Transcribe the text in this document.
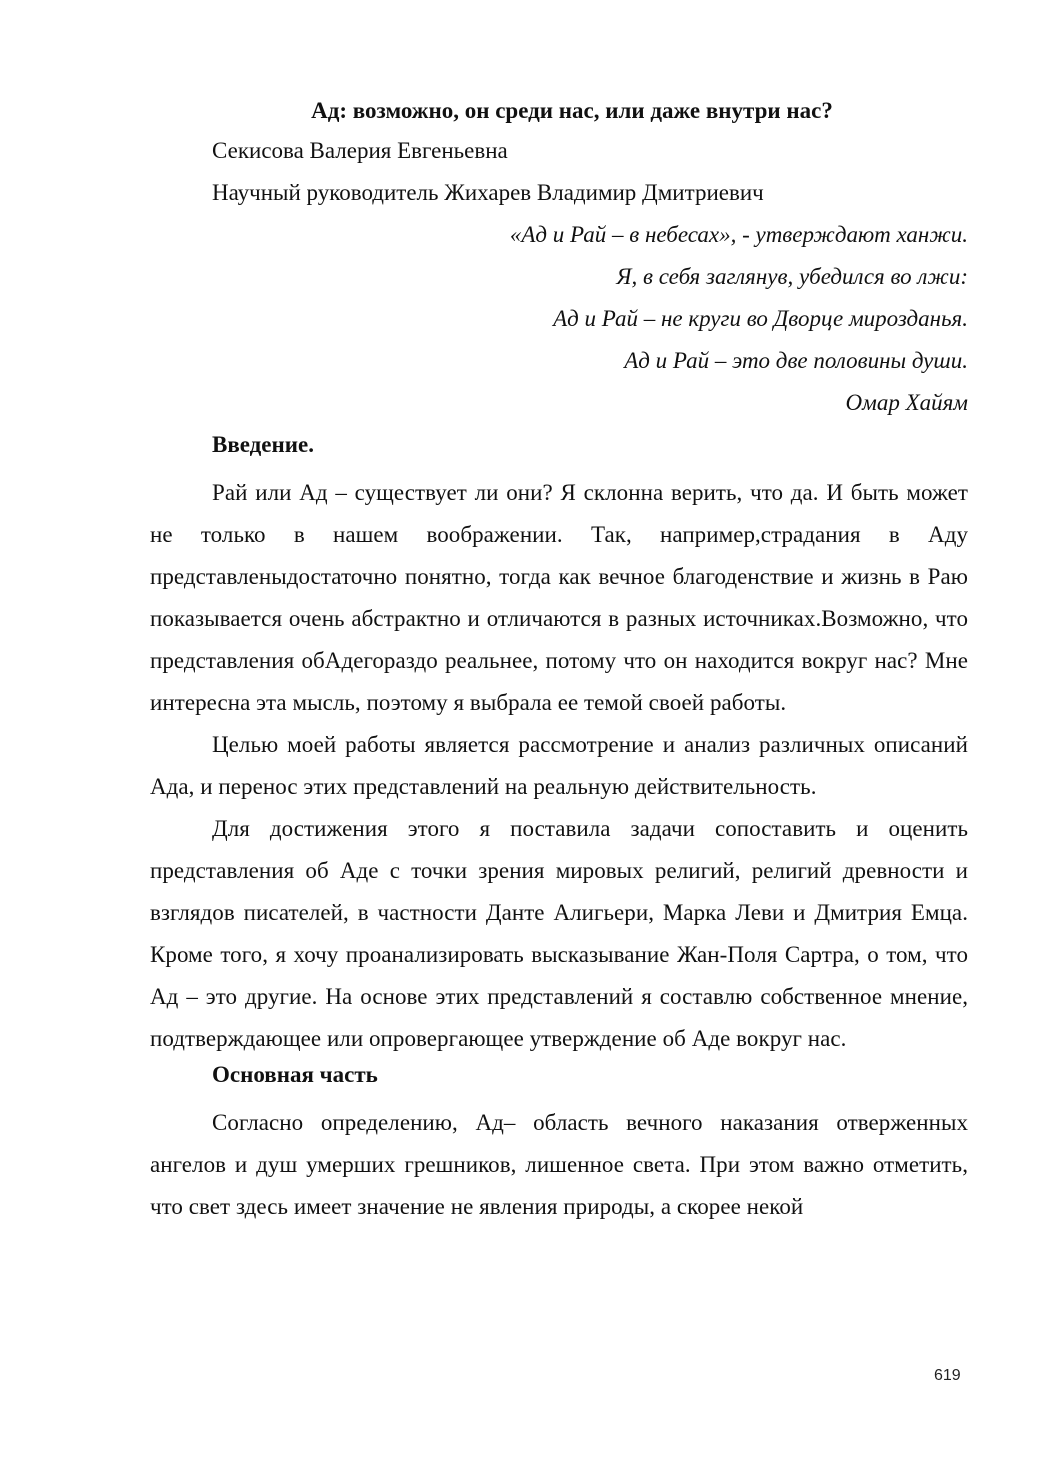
Ад: возможно, он среди нас, или даже внутри нас?

Секисова Валерия Евгеньевна

Научный руководитель Жихарев Владимир Дмитриевич

«Ад и Рай – в небесах», - утверждают ханжи.

Я, в себя заглянув, убедился во лжи:

Ад и Рай – не круги во Дворце мирозданья.

Ад и Рай – это две половины души.

Омар Хайям

Введение.

Рай или Ад – существует ли они? Я склонна верить, что да. И быть может не только в нашем воображении. Так, например,страдания в Аду представленыдостаточно понятно, тогда как вечное благоденствие и жизнь в Раю показывается очень абстрактно и отличаются в разных источниках.Возможно, что представления обАдегораздо реальнее, потому что он находится вокруг нас? Мне интересна эта мысль, поэтому я выбрала ее темой своей работы.

Целью моей работы является рассмотрение и анализ различных описаний Ада, и перенос этих представлений на реальную действительность.

Для достижения этого я поставила задачи сопоставить и оценить представления об Аде с точки зрения мировых религий, религий древности и взглядов писателей, в частности Данте Алигьери, Марка Леви и Дмитрия Емца. Кроме того, я хочу проанализировать высказывание Жан-Поля Сартра, о том, что Ад – это другие. На основе этих представлений я составлю собственное мнение, подтверждающее или опровергающее утверждение об Аде вокруг нас.

Основная часть

Согласно определению, Ад– область вечного наказания отверженных ангелов и душ умерших грешников, лишенное света. При этом важно отметить, что свет здесь имеет значение не явления природы, а скорее некой

619
